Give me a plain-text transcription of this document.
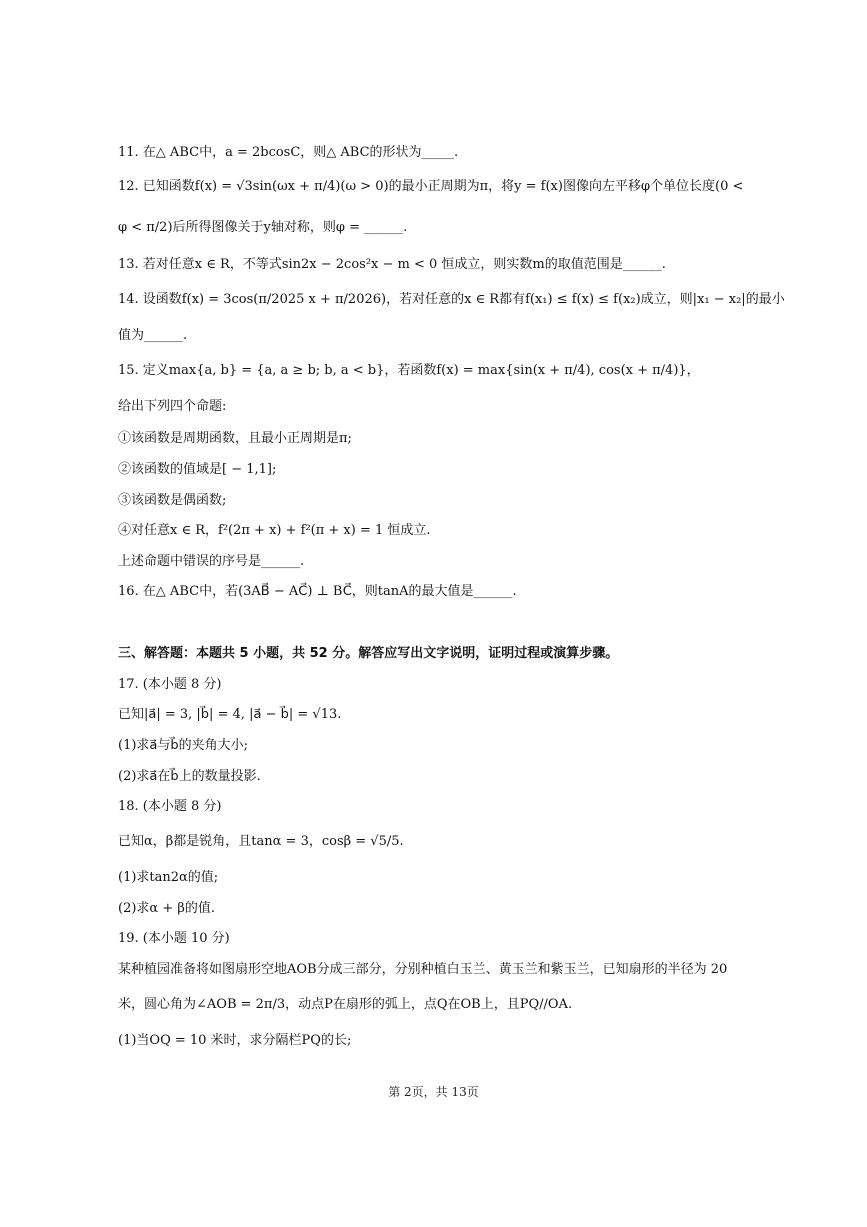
11. 在△ ABC中，a = 2bcosC，则△ ABC的形状为_____.
12. 已知函数f(x) = √3sin(ωx + π/4)(ω > 0)的最小正周期为π，将y = f(x)图像向左平移φ个单位长度(0 <
φ < π/2)后所得图像关于y轴对称，则φ = ______.
13. 若对任意x ∈ R，不等式sin2x − 2cos²x − m < 0 恒成立，则实数m的取值范围是______.
14. 设函数f(x) = 3cos(π/2025 x + π/2026)，若对任意的x ∈ R都有f(x₁) ≤ f(x) ≤ f(x₂)成立，则|x₁ − x₂|的最小
值为______.
15. 定义max{a, b} = {a, a ≥ b; b, a < b}，若函数f(x) = max{sin(x + π/4), cos(x + π/4)}，
给出下列四个命题:
①该函数是周期函数，且最小正周期是π;
②该函数的值域是[ − 1,1];
③该函数是偶函数;
④对任意x ∈ R，f²(2π + x) + f²(π + x) = 1 恒成立.
上述命题中错误的序号是______.
16. 在△ ABC中，若(3AB⃗ − AC⃗) ⊥ BC⃗，则tanA的最大值是______.
三、解答题：本题共 5 小题，共 52 分。解答应写出文字说明，证明过程或演算步骤。
17. (本小题 8 分)
已知|a⃗| = 3, |b⃗| = 4, |a⃗ − b⃗| = √13.
(1)求a⃗与b⃗的夹角大小;
(2)求a⃗在b⃗上的数量投影.
18. (本小题 8 分)
已知α，β都是锐角，且tanα = 3，cosβ = √5/5.
(1)求tan2α的值;
(2)求α + β的值.
19. (本小题 10 分)
某种植园准备将如图扇形空地AOB分成三部分，分别种植白玉兰、黄玉兰和紫玉兰，已知扇形的半径为 20
米，圆心角为∠AOB = 2π/3，动点P在扇形的弧上，点Q在OB上，且PQ//OA.
(1)当OQ = 10 米时，求分隔栏PQ的长;
第 2页，共 13页
